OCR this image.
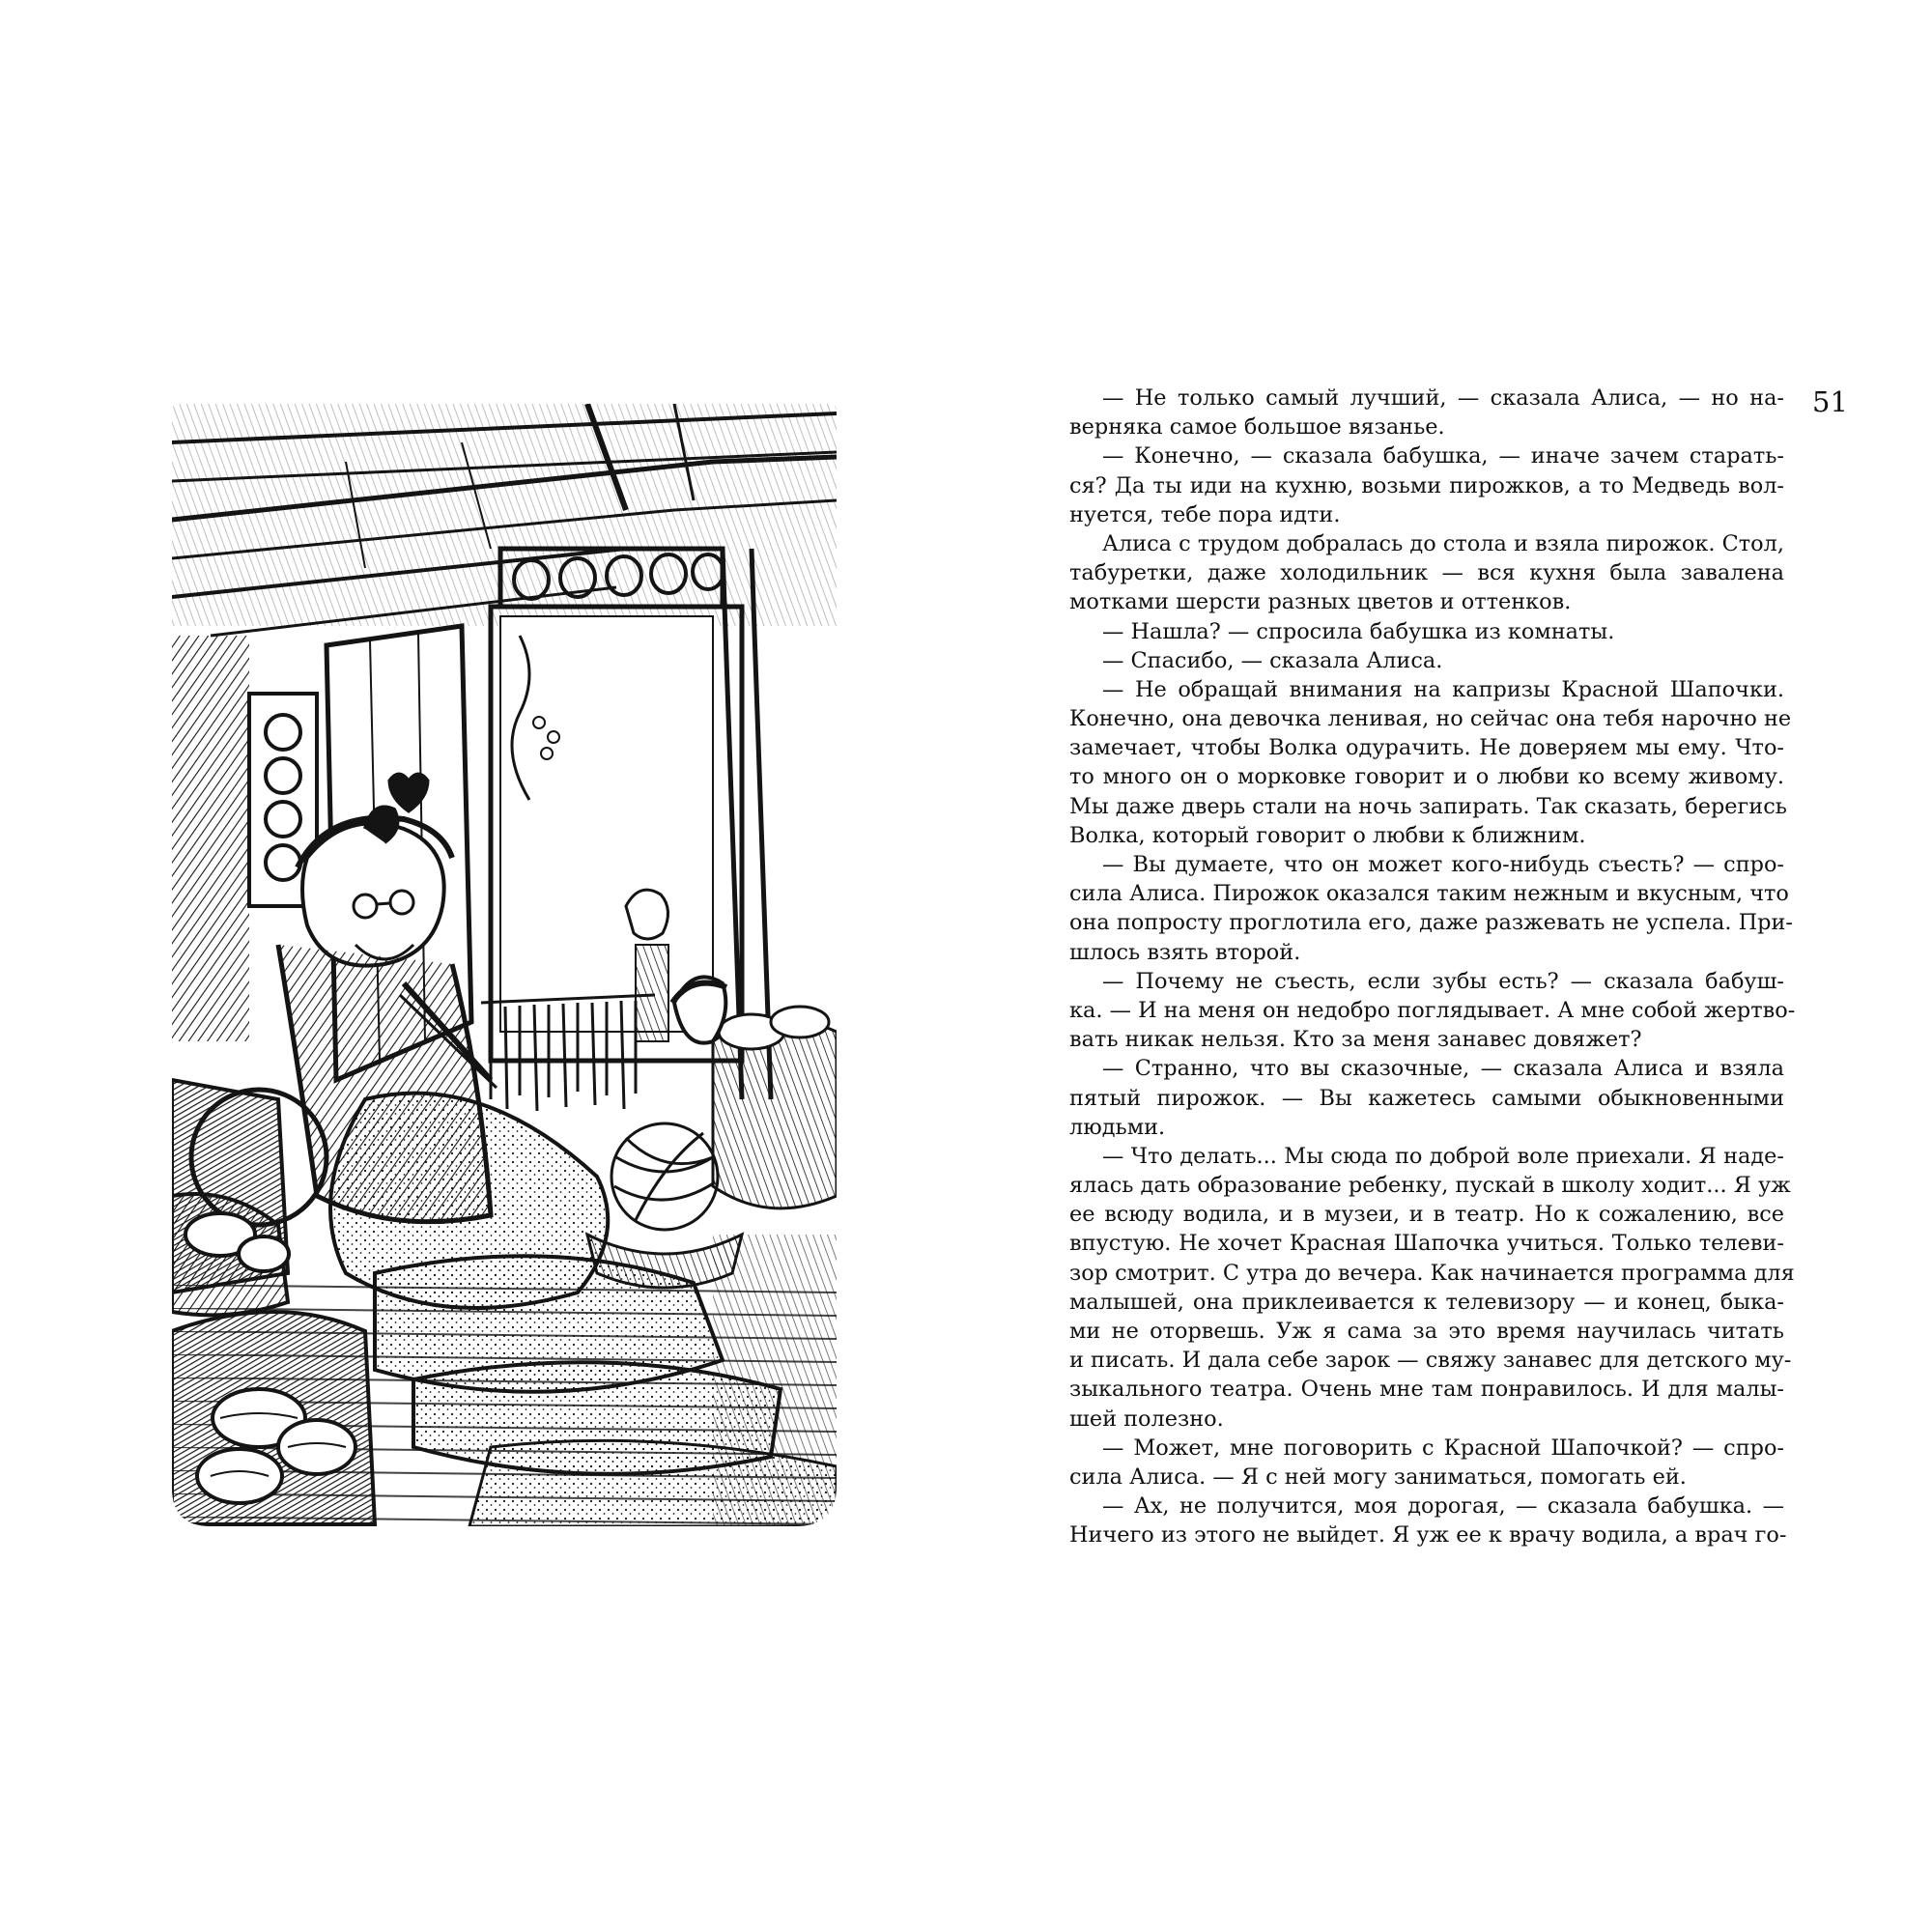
51
— Не только самый лучший, — сказала Алиса, — но на-
верняка самое большое вязанье.
— Конечно, — сказала бабушка, — иначе зачем старать-
ся? Да ты иди на кухню, возьми пирожков, а то Медведь вол-
нуется, тебе пора идти.
Алиса с трудом добралась до стола и взяла пирожок. Стол,
табуретки, даже холодильник — вся кухня была завалена
мотками шерсти разных цветов и оттенков.
— Нашла? — спросила бабушка из комнаты.
— Спасибо, — сказала Алиса.
— Не обращай внимания на капризы Красной Шапочки.
Конечно, она девочка ленивая, но сейчас она тебя нарочно не
замечает, чтобы Волка одурачить. Не доверяем мы ему. Что-
то много он о морковке говорит и о любви ко всему живому.
Мы даже дверь стали на ночь запирать. Так сказать, берегись
Волка, который говорит о любви к ближним.
— Вы думаете, что он может кого-нибудь съесть? — спро-
сила Алиса. Пирожок оказался таким нежным и вкусным, что
она попросту проглотила его, даже разжевать не успела. При-
шлось взять второй.
— Почему не съесть, если зубы есть? — сказала бабуш-
ка. — И на меня он недобро поглядывает. А мне собой жертво-
вать никак нельзя. Кто за меня занавес довяжет?
— Странно, что вы сказочные, — сказала Алиса и взяла
пятый пирожок. — Вы кажетесь самыми обыкновенными
людьми.
— Что делать... Мы сюда по доброй воле приехали. Я наде-
ялась дать образование ребенку, пускай в школу ходит... Я уж
ее всюду водила, и в музеи, и в театр. Но к сожалению, все
впустую. Не хочет Красная Шапочка учиться. Только телеви-
зор смотрит. С утра до вечера. Как начинается программа для
малышей, она приклеивается к телевизору — и конец, быка-
ми не оторвешь. Уж я сама за это время научилась читать
и писать. И дала себе зарок — свяжу занавес для детского му-
зыкального театра. Очень мне там понравилось. И для малы-
шей полезно.
— Может, мне поговорить с Красной Шапочкой? — спро-
сила Алиса. — Я с ней могу заниматься, помогать ей.
— Ах, не получится, моя дорогая, — сказала бабушка. —
Ничего из этого не выйдет. Я уж ее к врачу водила, а врач го-
